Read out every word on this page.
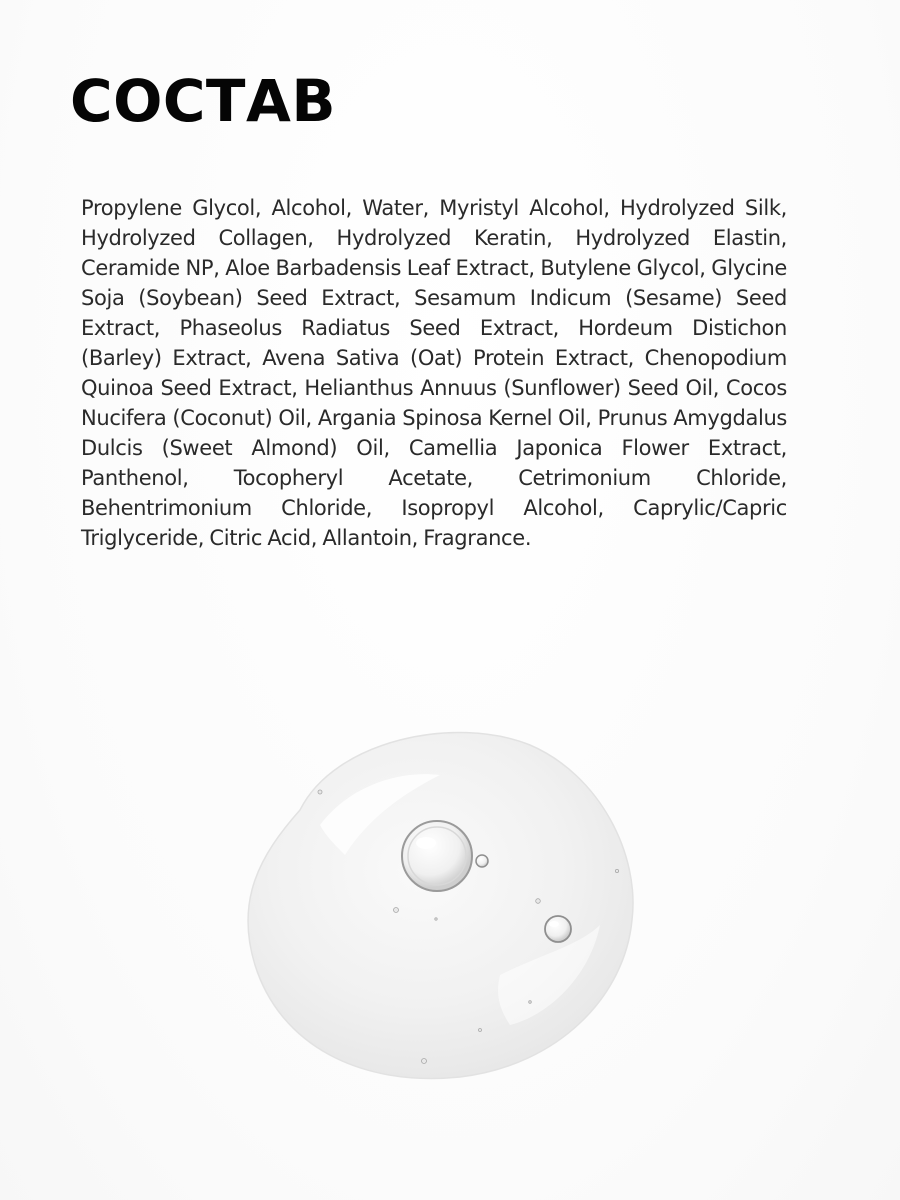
СОСТАВ

Propylene Glycol, Alcohol, Water, Myristyl Alcohol, Hydrolyzed Silk, Hydrolyzed Collagen, Hydrolyzed Keratin, Hydrolyzed Elastin, Ceramide NP, Aloe Barbadensis Leaf Extract, Butylene Glycol, Glycine Soja (Soybean) Seed Extract, Sesamum Indicum (Sesame) Seed Extract, Phaseolus Radiatus Seed Extract, Hordeum Distichon (Barley) Extract, Avena Sativa (Oat) Protein Extract, Chenopodium Quinoa Seed Extract, Helianthus Annuus (Sunflower) Seed Oil, Cocos Nucifera (Coconut) Oil, Argania Spinosa Kernel Oil, Prunus Amygdalus Dulcis (Sweet Almond) Oil, Camellia Japonica Flower Extract, Panthenol, Tocopheryl Acetate, Cetrimonium Chloride, Behentrimonium Chloride, Isopropyl Alcohol, Caprylic/Capric Triglyceride, Citric Acid, Allantoin, Fragrance.
